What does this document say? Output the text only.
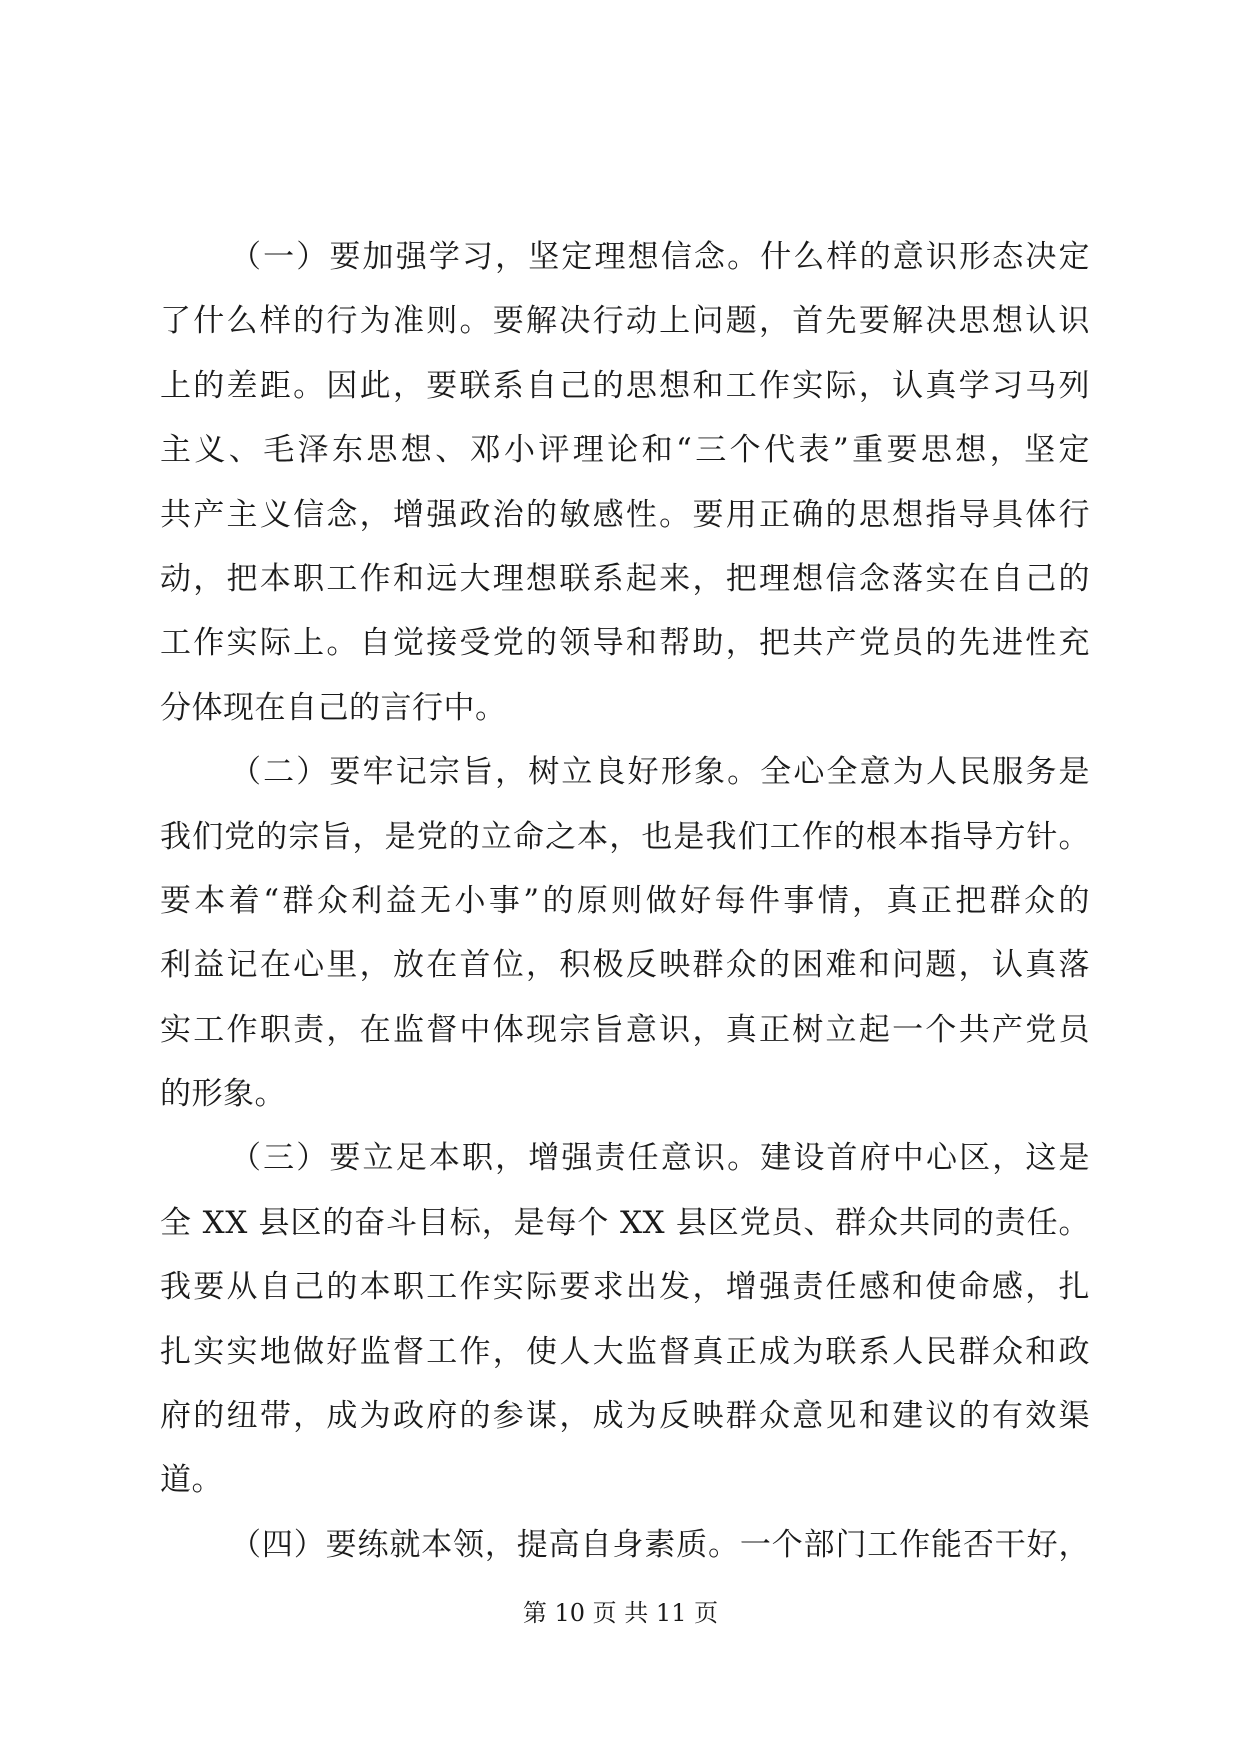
（一）要加强学习，坚定理想信念。什么样的意识形态决定
了什么样的行为准则。要解决行动上问题，首先要解决思想认识
上的差距。因此，要联系自己的思想和工作实际，认真学习马列
主义、毛泽东思想、邓小评理论和“三个代表”重要思想，坚定
共产主义信念，增强政治的敏感性。要用正确的思想指导具体行
动，把本职工作和远大理想联系起来，把理想信念落实在自己的
工作实际上。自觉接受党的领导和帮助，把共产党员的先进性充
分体现在自己的言行中。
（二）要牢记宗旨，树立良好形象。全心全意为人民服务是
我们党的宗旨，是党的立命之本，也是我们工作的根本指导方针。
要本着“群众利益无小事”的原则做好每件事情，真正把群众的
利益记在心里，放在首位，积极反映群众的困难和问题，认真落
实工作职责，在监督中体现宗旨意识，真正树立起一个共产党员
的形象。
（三）要立足本职，增强责任意识。建设首府中心区，这是
全 XX 县区的奋斗目标，是每个 XX 县区党员、群众共同的责任。
我要从自己的本职工作实际要求出发，增强责任感和使命感，扎
扎实实地做好监督工作，使人大监督真正成为联系人民群众和政
府的纽带，成为政府的参谋，成为反映群众意见和建议的有效渠
道。
（四）要练就本领，提高自身素质。一个部门工作能否干好，
第 10 页 共 11 页
